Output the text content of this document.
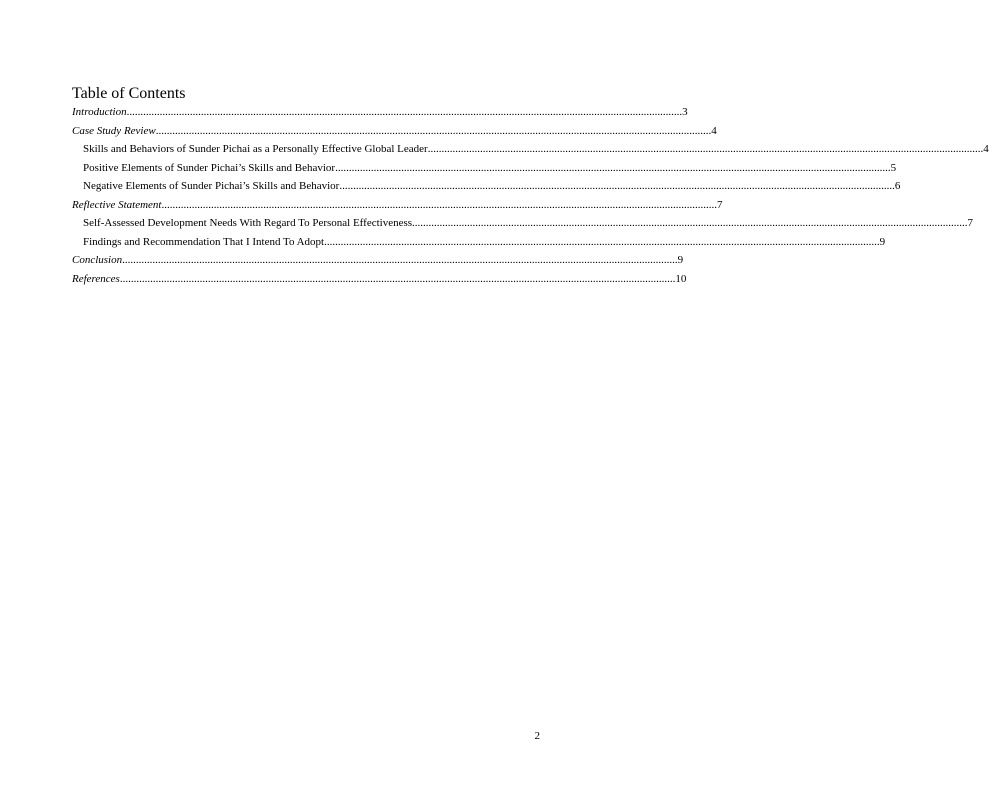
Table of Contents
Introduction .......................................................................................................................................................................................................... 3
Case Study Review .......................................................................................................................................................................................................... 4
Skills and Behaviors of Sunder Pichai as a Personally Effective Global Leader .......................................................................................................................................................................................................... 4
Positive Elements of Sunder Pichai’s Skills and Behavior .......................................................................................................................................................................................................... 5
Negative Elements of Sunder Pichai’s Skills and Behavior .......................................................................................................................................................................................................... 6
Reflective Statement .......................................................................................................................................................................................................... 7
Self-Assessed Development Needs With Regard To Personal Effectiveness .......................................................................................................................................................................................................... 7
Findings and Recommendation That I Intend To Adopt .......................................................................................................................................................................................................... 9
Conclusion .......................................................................................................................................................................................................... 9
References .......................................................................................................................................................................................................... 10
2
